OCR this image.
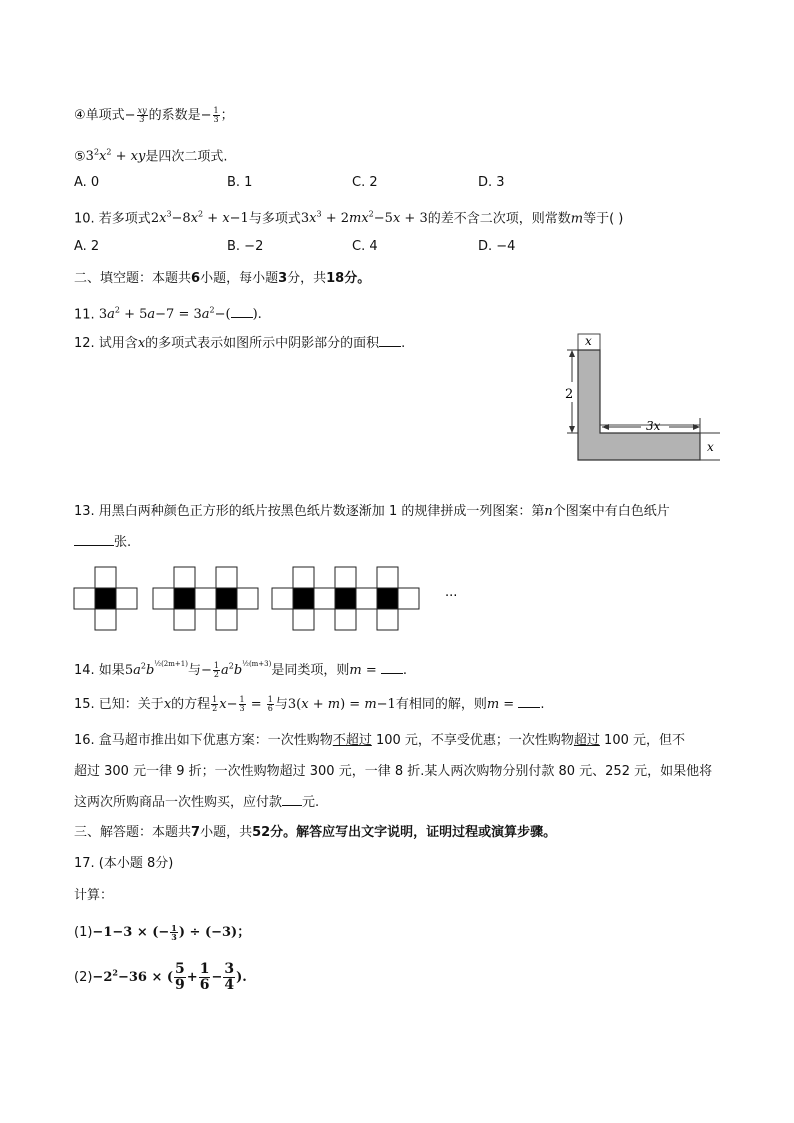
④单项式− $\frac{xy}{3}$ 的系数是− $\frac{1}{3}$ ；
$⑤3^2x^2$ + xy是四次二项式.
A. 0	B. 1	C. 2	D. 3
10. 若多项式$2x^3-8x^2 + x-1$与多项式$3x^3 + 2mx^2-5x + 3$的差不含二次项，则常数m等于( )
A. 2	B. −2	C. 4	D. −4
二、填空题：本题共6小题，每小题3分，共18分。
11. $3a^2 + 5a-7 = 3a^2-$( ).
12. 试用含x的多项式表示如图所示中阴影部分的面积 .
2
x
3x
x
13. 用黑白两种颜色正方形的纸片按黑色纸片数逐渐加 1 的规律拼成一列图案：第n个图案中有白色纸片
张.
···
14. 如果$5a^2b^{\frac{1}{2}(2m+1)}$与− $\frac{1}{2} a^2b^{\frac{1}{2}(m+3)}$是同类项，则m = .
15. 已知：关于x的方程 $\frac{1}{2} x- \frac{1}{3} = \frac{1}{6}$ 与3(x + m) = m−1有相同的解，则m = .
16. 盒马超市推出如下优惠方案：一次性购物不超过 100 元，不享受优惠；一次性购物超过 100 元，但不
超过 300 元一律 9 折；一次性购物超过 300 元，一律 8 折.某人两次购物分别付款 80 元、252 元，如果他将
这两次所购商品一次性购买，应付款 元.
三、解答题：本题共7小题，共52分。解答应写出文字说明，证明过程或演算步骤。
17. (本小题 8分)
计算：
(1)−1−3 × (− $\frac{1}{3}$ ) ÷ (−3)；
$(2)-2^2-36$ × ( $\frac{5}{9} + \frac{1}{6} - \frac{3}{4}$ ).
